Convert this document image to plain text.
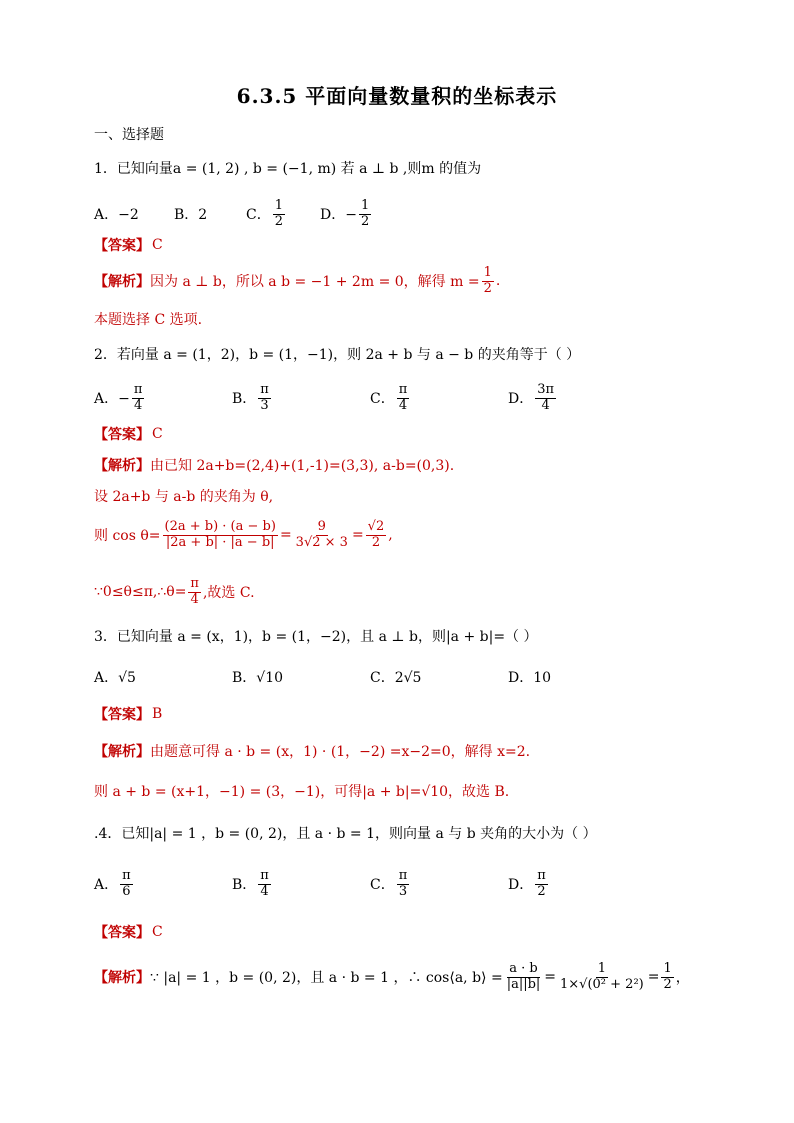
6.3.5 平面向量数量积的坐标表示
一、选择题
1．已知向量a = (1, 2) , b = (−1, m) 若 a ⊥ b ,则m 的值为
A．−2	B．2	C． $\frac{1}{2}$	D．− $\frac{1}{2}$
【答案】 C
【解析】 因为 a ⊥ b，所以 a b = −1 + 2m = 0，解得 $m = \frac{1}{2}$ .
本题选择 C 选项.
2．若向量 a = (1，2)，b = (1，−1)，则 2a + b 与 a − b 的夹角等于（ ）
A．− $\frac{\pi}{4}$	B． $\frac{\pi}{3}$	C． $\frac{\pi}{4}$	D． $\frac{3\pi}{4}$
【答案】 C
【解析】 由已知 2a+b=(2,4)+(1,-1)=(3,3), a-b=(0,3).
设 2a+b 与 a-b 的夹角为 θ,
则 $\cos \theta= \frac{(2a + b) \cdot (a - b)}{|2a + b| \cdot |a - b|} = \frac{9}{3√2 \times 3} = \frac{√2}{2}$ ,
∵0≤θ≤π,∴θ= $\frac{\pi}{4}$ ,故选 C.
3．已知向量 a = (x，1)，b = (1，−2)，且 a ⊥ b，则|a + b|=（ ）
A．√5	B．√10	C．2√5	D．10
【答案】 B
【解析】 由题意可得 a · b = (x，1) · (1，−2) =x−2=0，解得 x=2.
则 a + b = (x+1，−1) = (3，−1)，可得|a + b|=√10，故选 B.
.4．已知|a| = 1 ，b = (0, 2)，且 a · b = 1，则向量 a 与 b 夹角的大小为（ ）
A． $\frac{\pi}{6}$	B． $\frac{\pi}{4}$	C． $\frac{\pi}{3}$	D． $\frac{\pi}{2}$
【答案】 C
【解析】 ∵ |a| = 1 ，b = (0, 2)，且 a · b = 1 ，∴ cos⟨a, b⟩ = $\frac{a \cdot b}{|a||b|} = \frac{1}{\text{1×√(0² + 2²)}} = \frac{1}{2}$ ，
